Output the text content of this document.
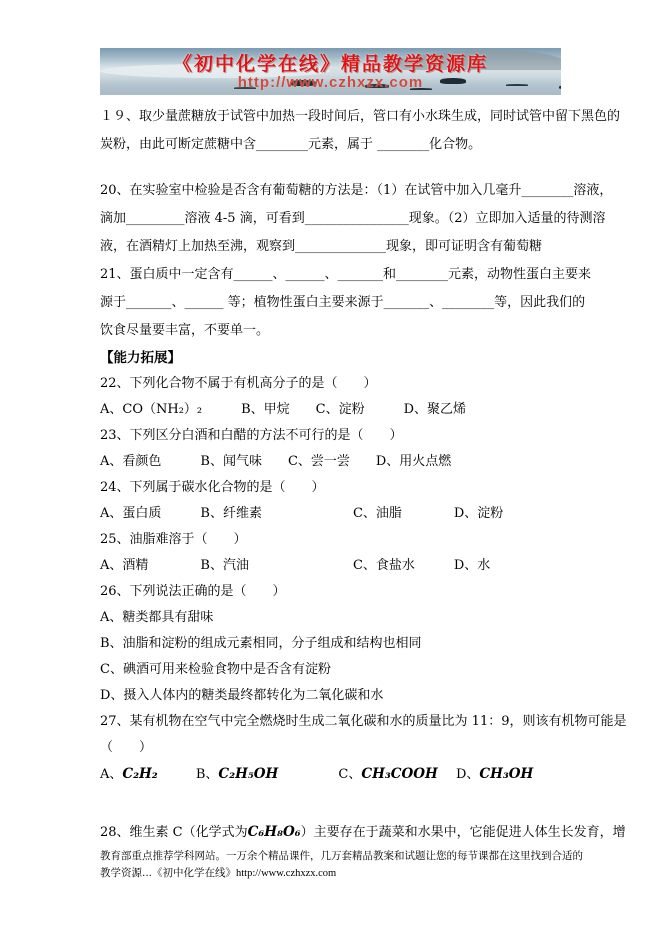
《初中化学在线》精品教学资源库
http://www.czhxzx.com

１９、取少量蔗糖放于试管中加热一段时间后，管口有小水珠生成，同时试管中留下黑色的

炭粉，由此可断定蔗糖中含________元素，属于 ________化合物。

20、在实验室中检验是否含有葡萄糖的方法是：（1）在试管中加入几毫升________溶液，

滴加_________溶液 4-5 滴，可看到________________现象。（2）立即加入适量的待测溶

液，在酒精灯上加热至沸，观察到______________现象，即可证明含有葡萄糖

21、蛋白质中一定含有______、______、_______和________元素，动物性蛋白主要来

源于_______、______ 等；植物性蛋白主要来源于_______、________等，因此我们的

饮食尽量要丰富，不要单一。

【能力拓展】

22、下列化合物不属于有机高分子的是（　　）

A、CO（NH₂）₂　　　B、甲烷　　C、淀粉　　　D、聚乙烯

23、下列区分白酒和白醋的方法不可行的是（　　）

A、看颜色　　　B、闻气味　　C、尝一尝　　D、用火点燃

24、下列属于碳水化合物的是（　　）

A、蛋白质　　　B、纤维素　　　　　　　C、油脂　　　　D、淀粉

25、油脂难溶于（　　）

A、酒精　　　　B、汽油　　　　　　　　C、食盐水　　　D、水

26、下列说法正确的是（　　）

A、糖类都具有甜味

B、油脂和淀粉的组成元素相同，分子组成和结构也相同

C、碘酒可用来检验食物中是否含有淀粉

D、摄入人体内的糖类最终都转化为二氧化碳和水

27、某有机物在空气中完全燃烧时生成二氧化碳和水的质量比为 11：9，则该有机物可能是

（　　）

A、C₂H₂	B、C₂H₅OH	C、CH₃COOH D、CH₃OH

28、维生素 C（化学式为C₆H₈O₆）主要存在于蔬菜和水果中，它能促进人体生长发育，增

教育部重点推荐学科网站。一万余个精品课件，几万套精品教案和试题让您的每节课都在这里找到合适的

教学资源...《初中化学在线》http://www.czhxzx.com
